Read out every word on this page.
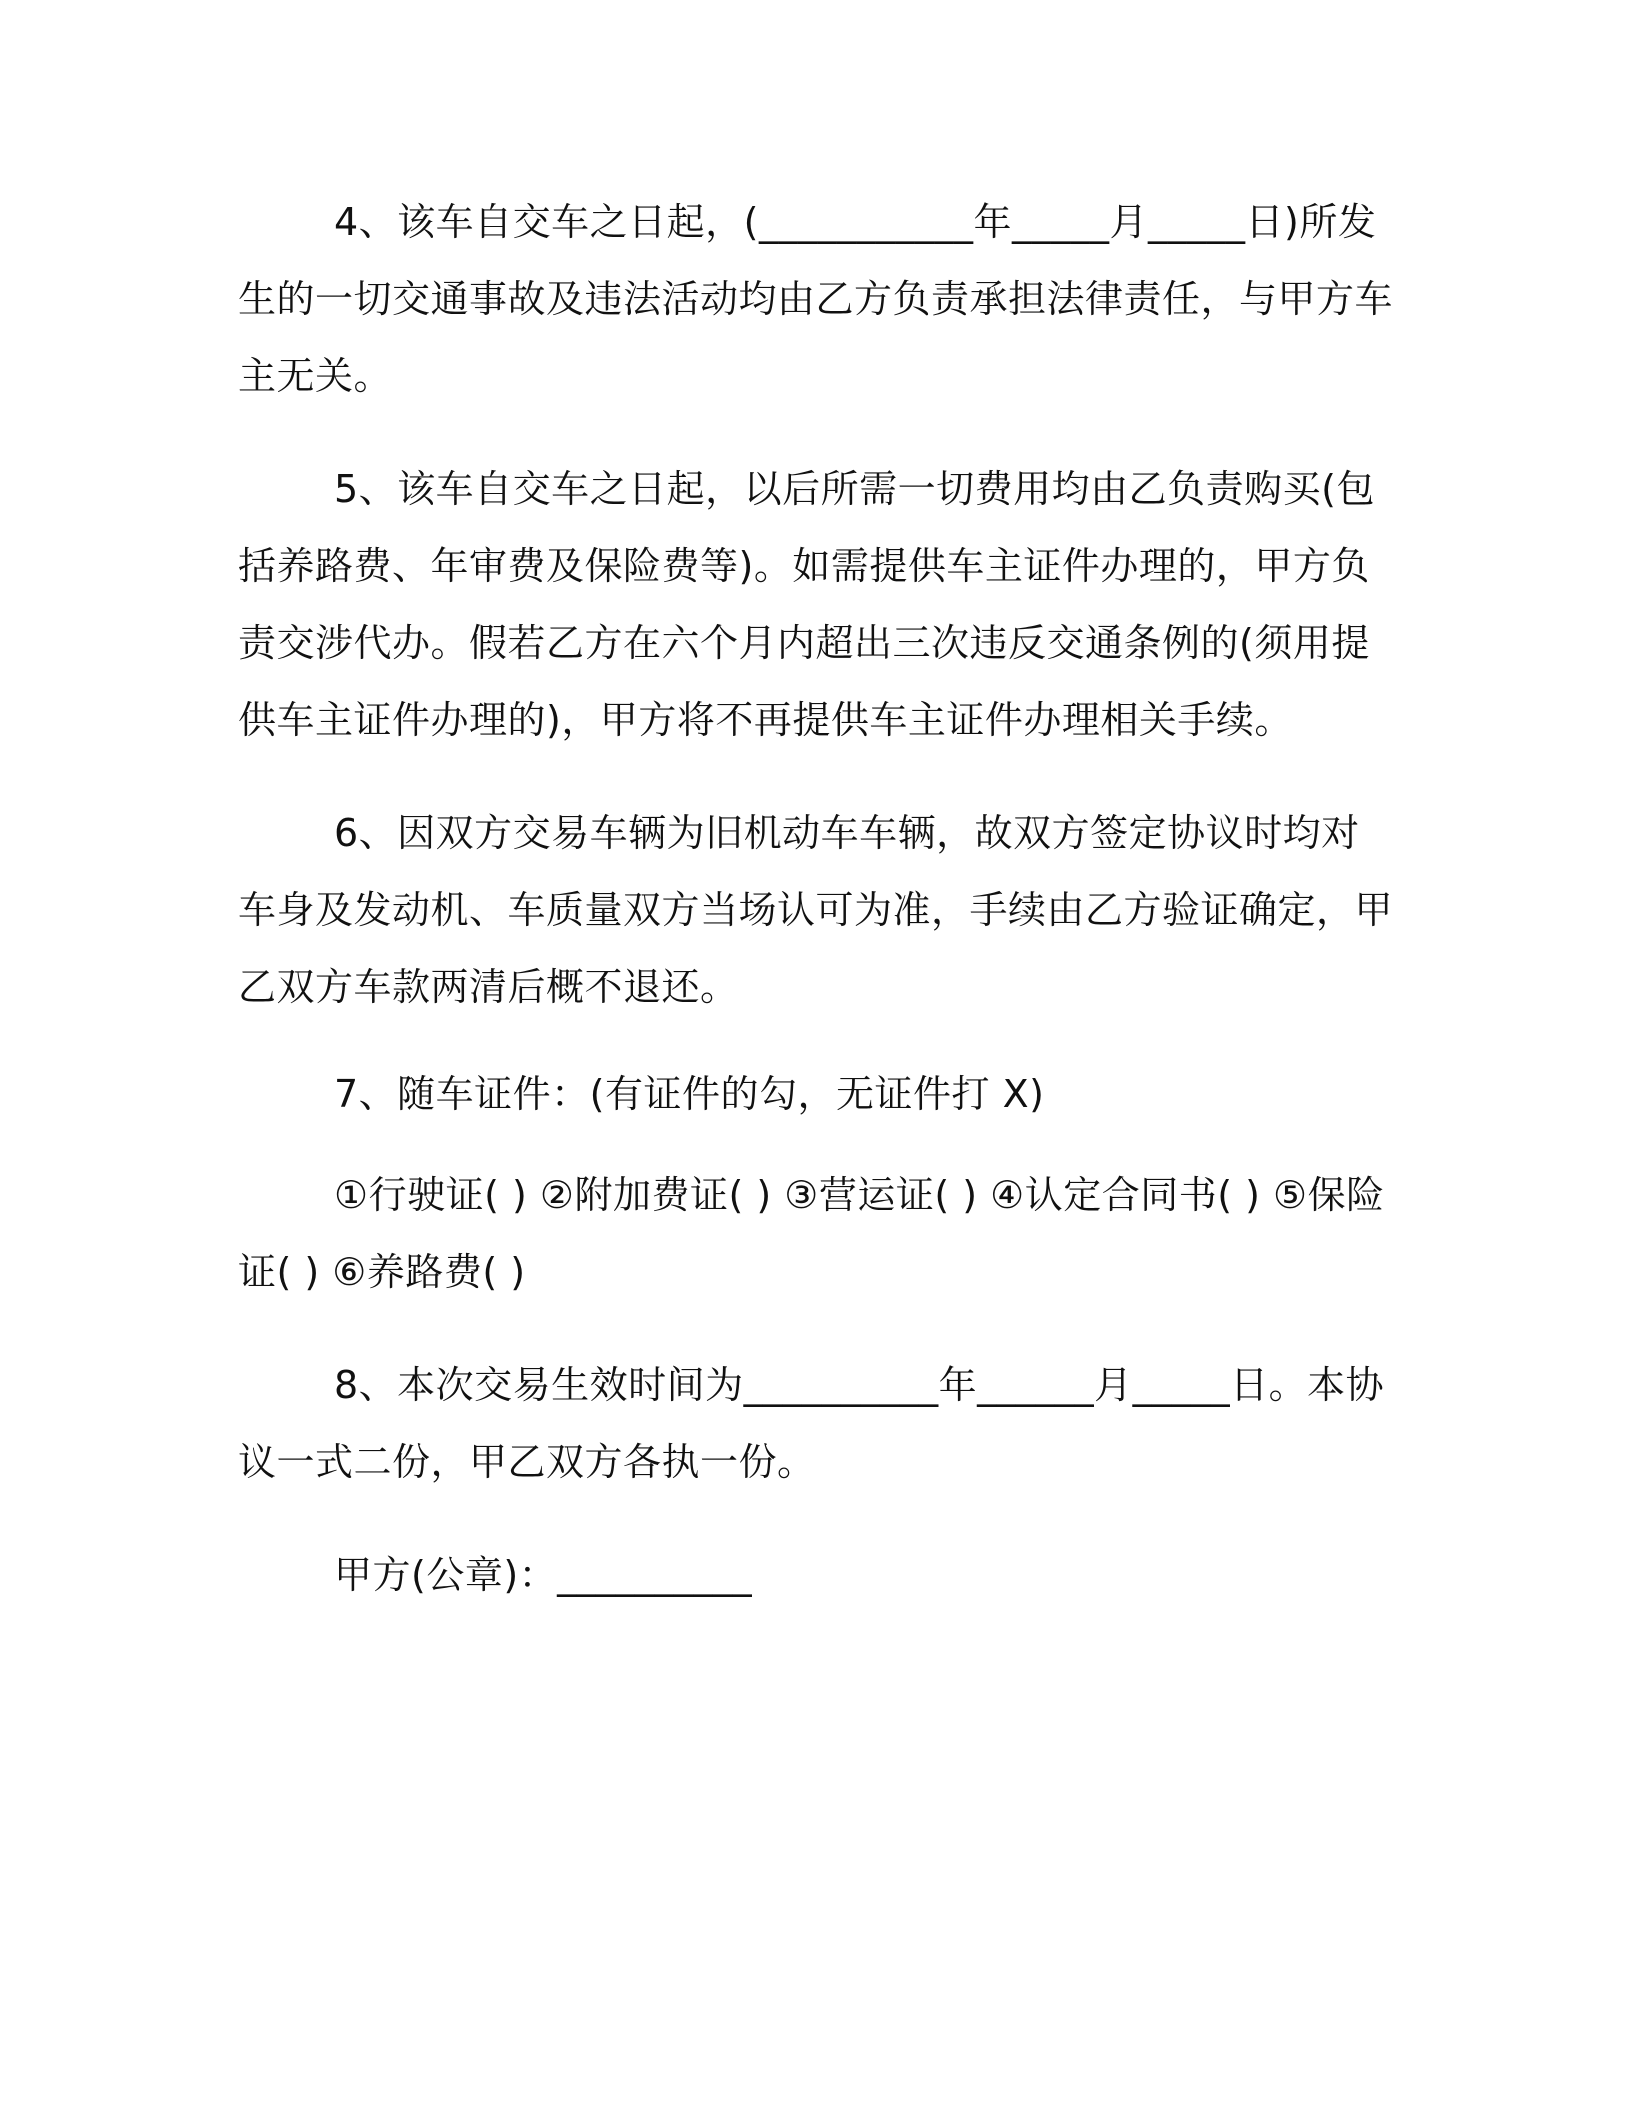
4、该车自交车之日起，(___________年_____月_____日)所发生的一切交通事故及违法活动均由乙方负责承担法律责任，与甲方车主无关。

5、该车自交车之日起，以后所需一切费用均由乙负责购买(包括养路费、年审费及保险费等)。如需提供车主证件办理的，甲方负责交涉代办。假若乙方在六个月内超出三次违反交通条例的(须用提供车主证件办理的)，甲方将不再提供车主证件办理相关手续。

6、因双方交易车辆为旧机动车车辆，故双方签定协议时均对车身及发动机、车质量双方当场认可为准，手续由乙方验证确定，甲乙双方车款两清后概不退还。

7、随车证件：(有证件的勾，无证件打 X)

①行驶证( ) ②附加费证( ) ③营运证( ) ④认定合同书( ) ⑤保险证( ) ⑥养路费( )

8、本次交易生效时间为__________年______月_____日。本协议一式二份，甲乙双方各执一份。

甲方(公章)：__________
